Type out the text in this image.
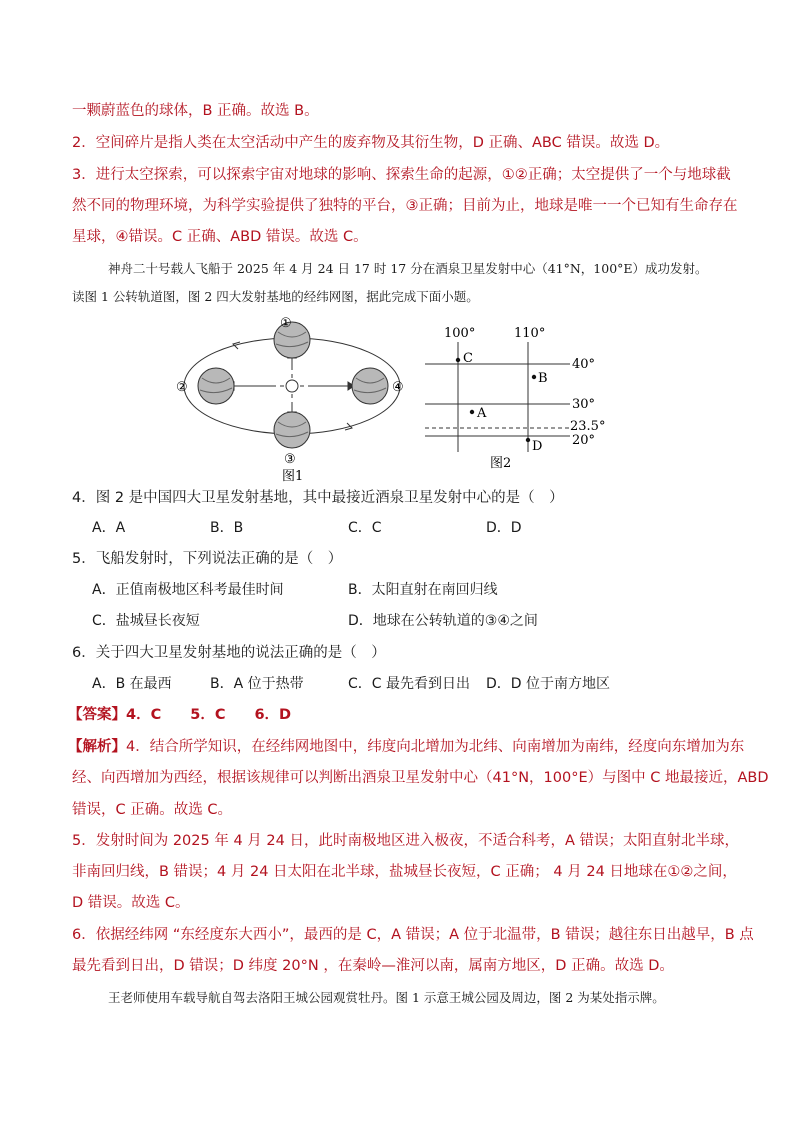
一颗蔚蓝色的球体，B 正确。故选 B。
2．空间碎片是指人类在太空活动中产生的废弃物及其衍生物，D 正确、ABC 错误。故选 D。
3．进行太空探索，可以探索宇宙对地球的影响、探索生命的起源，①②正确；太空提供了一个与地球截
然不同的物理环境，为科学实验提供了独特的平台，③正确；目前为止，地球是唯一一个已知有生命存在
星球，④错误。C 正确、ABD 错误。故选 C。
神舟二十号载人飞船于 2025 年 4 月 24 日 17 时 17 分在酒泉卫星发射中心（41°N，100°E）成功发射。
读图 1 公转轨道图，图 2 四大发射基地的经纬网图，据此完成下面小题。
①
②
③
④
图1
100°	110°
40°
30°
23.5°
20°
C
B
A
D
图2
4．图 2 是中国四大卫星发射基地，其中最接近酒泉卫星发射中心的是（　）
A．A	B．B	C．C	D．D
5．飞船发射时，下列说法正确的是（　）
A．正值南极地区科考最佳时间	B．太阳直射在南回归线
C．盐城昼长夜短	D．地球在公转轨道的③④之间
6．关于四大卫星发射基地的说法正确的是（　）
A．B 在最西	B．A 位于热带	C．C 最先看到日出 D．D 位于南方地区
【答案】4．C　　5．C　　6．D
【解析】4．结合所学知识，在经纬网地图中，纬度向北增加为北纬、向南增加为南纬，经度向东增加为东
经、向西增加为西经，根据该规律可以判断出酒泉卫星发射中心（41°N，100°E）与图中 C 地最接近，ABD
错误，C 正确。故选 C。
5．发射时间为 2025 年 4 月 24 日，此时南极地区进入极夜，不适合科考，A 错误；太阳直射北半球，
非南回归线，B 错误；4 月 24 日太阳在北半球，盐城昼长夜短，C 正确； 4 月 24 日地球在①②之间，
D 错误。故选 C。
6．依据经纬网 “东经度东大西小”，最西的是 C，A 错误；A 位于北温带，B 错误；越往东日出越早，B 点
最先看到日出，D 错误；D 纬度 20°N ，在秦岭—淮河以南，属南方地区，D 正确。故选 D。
王老师使用车载导航自驾去洛阳王城公园观赏牡丹。图 1 示意王城公园及周边，图 2 为某处指示牌。
